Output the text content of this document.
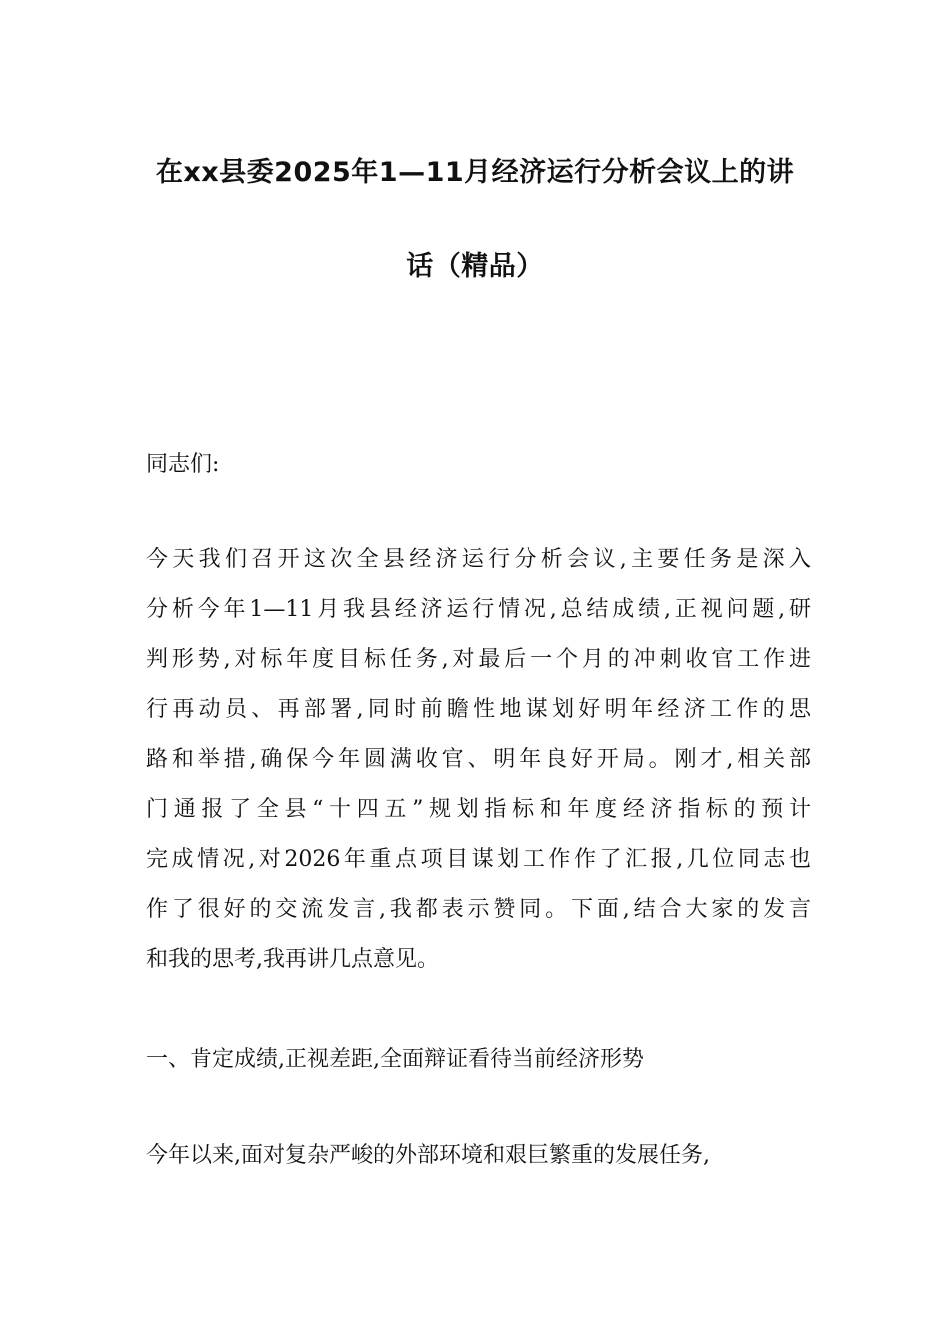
在xx县委2025年1—11月经济运行分析会议上的讲
话（精品）
同志们:
今天我们召开这次全县经济运行分析会议,主要任务是深入
分析今年1—11月我县经济运行情况,总结成绩,正视问题,研
判形势,对标年度目标任务,对最后一个月的冲刺收官工作进
行再动员、再部署,同时前瞻性地谋划好明年经济工作的思
路和举措,确保今年圆满收官、明年良好开局。刚才,相关部
门通报了全县“十四五”规划指标和年度经济指标的预计
完成情况,对2026年重点项目谋划工作作了汇报,几位同志也
作了很好的交流发言,我都表示赞同。下面,结合大家的发言
和我的思考,我再讲几点意见。
一、肯定成绩,正视差距,全面辩证看待当前经济形势
今年以来,面对复杂严峻的外部环境和艰巨繁重的发展任务,
